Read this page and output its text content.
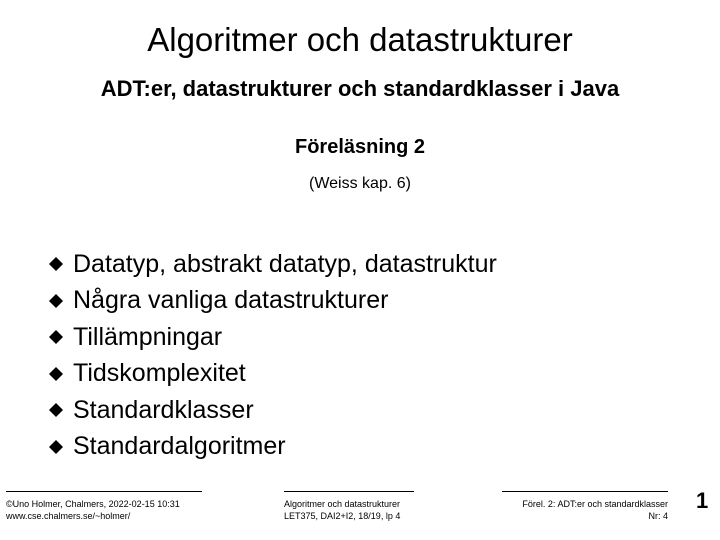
Algoritmer och datastrukturer
ADT:er, datastrukturer och standardklasser i Java
Föreläsning 2
(Weiss kap. 6)
Datatyp, abstrakt datatyp, datastruktur
Några vanliga datastrukturer
Tillämpningar
Tidskomplexitet
Standardklasser
Standardalgoritmer
©Uno Holmer, Chalmers, 2022-02-15 10:31
www.cse.chalmers.se/~holmer/
Algoritmer och datastrukturer
LET375, DAI2+I2, 18/19, lp 4
Förel. 2: ADT:er och standardklasser
Nr: 4
1
